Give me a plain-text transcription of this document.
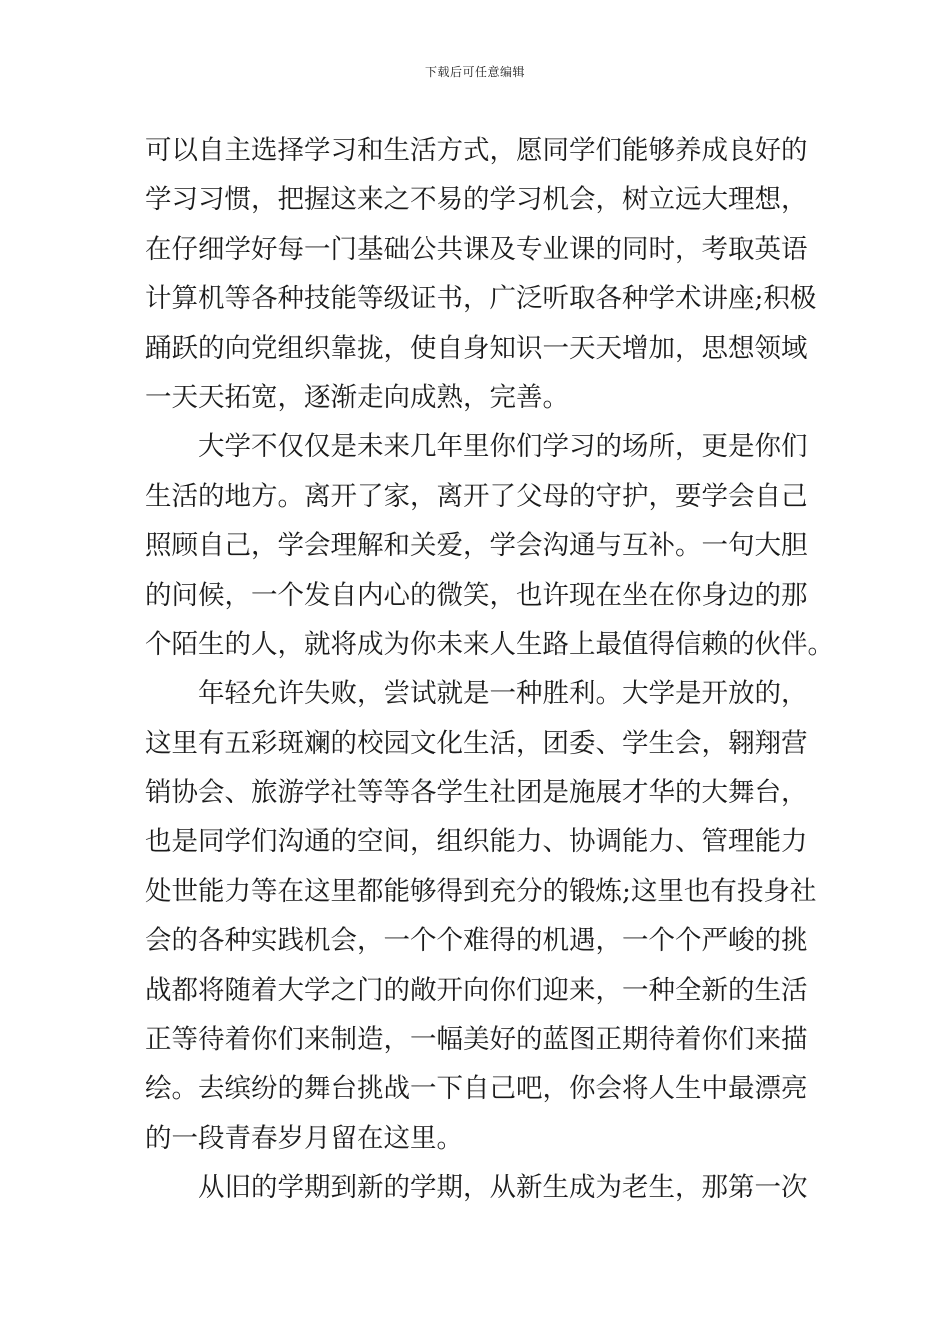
下载后可任意编辑
可以自主选择学习和生活方式，愿同学们能够养成良好的
学习习惯，把握这来之不易的学习机会，树立远大理想，
在仔细学好每一门基础公共课及专业课的同时，考取英语
计算机等各种技能等级证书，广泛听取各种学术讲座;积极
踊跃的向党组织靠拢，使自身知识一天天增加，思想领域
一天天拓宽，逐渐走向成熟，完善。
大学不仅仅是未来几年里你们学习的场所，更是你们
生活的地方。离开了家，离开了父母的守护，要学会自己
照顾自己，学会理解和关爱，学会沟通与互补。一句大胆
的问候，一个发自内心的微笑，也许现在坐在你身边的那
个陌生的人，就将成为你未来人生路上最值得信赖的伙伴。
年轻允许失败，尝试就是一种胜利。大学是开放的，
这里有五彩斑斓的校园文化生活，团委、学生会，翱翔营
销协会、旅游学社等等各学生社团是施展才华的大舞台，
也是同学们沟通的空间，组织能力、协调能力、管理能力
处世能力等在这里都能够得到充分的锻炼;这里也有投身社
会的各种实践机会，一个个难得的机遇，一个个严峻的挑
战都将随着大学之门的敞开向你们迎来，一种全新的生活
正等待着你们来制造，一幅美好的蓝图正期待着你们来描
绘。去缤纷的舞台挑战一下自己吧，你会将人生中最漂亮
的一段青春岁月留在这里。
从旧的学期到新的学期，从新生成为老生，那第一次
